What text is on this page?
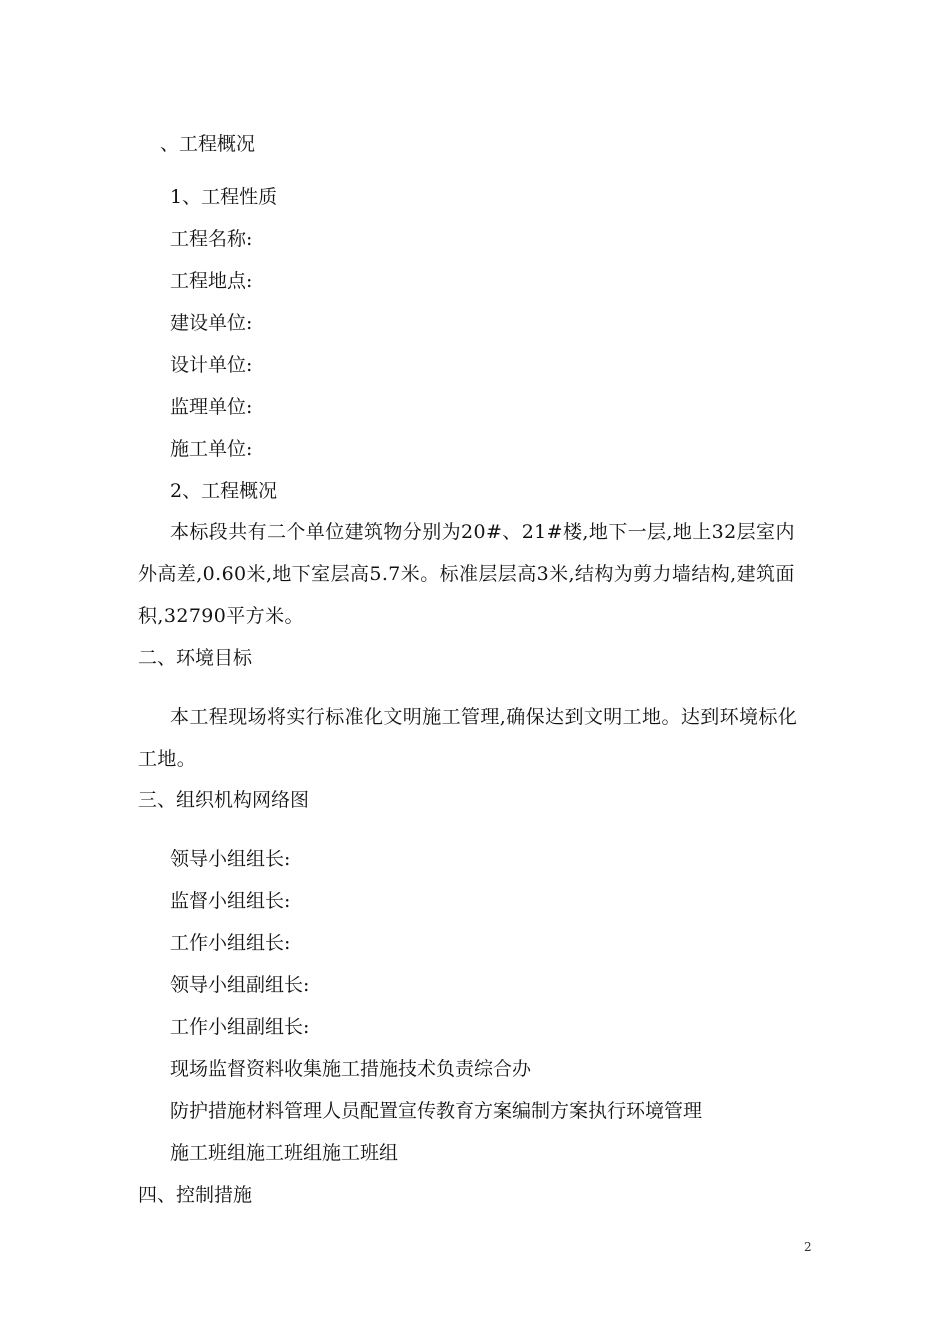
、工程概况
1、工程性质
工程名称:
工程地点:
建设单位:
设计单位:
监理单位:
施工单位:
2、工程概况
本标段共有二个单位建筑物分别为20#、21#楼,地下一层,地上32层室内外高差,0.60米,地下室层高5.7米。标准层层高3米,结构为剪力墙结构,建筑面积,32790平方米。
二、环境目标
本工程现场将实行标准化文明施工管理,确保达到文明工地。达到环境标化工地。
三、组织机构网络图
领导小组组长:
监督小组组长:
工作小组组长:
领导小组副组长:
工作小组副组长:
现场监督资料收集施工措施技术负责综合办
防护措施材料管理人员配置宣传教育方案编制方案执行环境管理
施工班组施工班组施工班组
四、控制措施
2
